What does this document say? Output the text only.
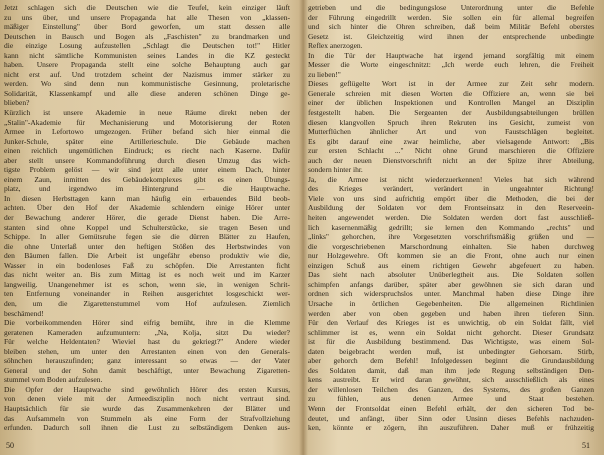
Jetzt schlagen sich die Deutschen wie die Teufel, kein einziger läuft
zu uns über, und unsere Propaganda hat alle Thesen von „klassen-
mäßiger Einstellung" über Bord geworfen, um statt dessen alle
Deutschen in Bausch und Bogen als „Faschisten" zu brandmarken und
die einzige Losung aufzustellen „Schlagt die Deutschen tot!" Hitler
kann nicht sämtliche Kommunisten seines Landes in die KZ gesteckt
haben. Unsere Propaganda stellt eine solche Behauptung auch gar
nicht erst auf. Und trotzdem scheint der Nazismus immer stärker zu
werden. Wo sind denn nun kommunistische Gesinnung, proletarische
Solidarität, Klassenkampf und alle diese anderen schönen Dinge ge-
blieben?
Kürzlich ist unsere Akademie in neue Räume direkt neben der
„Stalin"-Akademie für Mechanisierung und Motorisierung der Roten
Armee in Lefortowo umgezogen. Früher befand sich hier einmal die
Junker-Schule, später eine Artillerieschule. Die Gebäude machen
einen reichlich ungemütlichen Eindruck; es riecht nach Kaserne. Dafür
aber stellt unsere Kommandoführung durch diesen Umzug das wich-
tigste Problem gelöst — wir sind jetzt alle unter einem Dach, hinter
einem Zaun, inmitten des Gebäudekomplexes gibt es einen Übungs-
platz, und irgendwo im Hintergrund — die Hauptwache.
In diesen Herbsttagen kann man häufig ein erbauendes Bild beob-
achten. Über den Hof der Akademie schlendern einige Hörer unter
der Bewachung anderer Hörer, die gerade Dienst haben. Die Arre-
stanten sind ohne Koppel und Schulterstücke, sie tragen Besen und
Schippe. In aller Gemütsruhe fegen sie die dürren Blätter zu Haufen,
die ohne Unterlaß unter den heftigen Stößen des Herbstwindes von
den Bäumen fallen. Die Arbeit ist ungefähr ebenso produktiv wie die,
Wasser in ein bodenloses Faß zu schöpfen. Die Arrestanten ficht
das nicht weiter an. Bis zum Mittag ist es noch weit und im Karzer
langweilig. Unangenehmer ist es schon, wenn sie, in wenigen Schrit-
ten Entfernung voneinander in Reihen ausgerichtet losgeschickt wer-
den, um die Zigarettenstummel vom Hof aufzulesen. Ziemlich
beschämend!
Die vorbeikommenden Hörer sind eifrig bemüht, ihre in die Klemme
geratenen Kameraden aufzumuntern: „Na, Kolja, sitzt Du wieder?
Für welche Heldentaten? Wieviel hast du gekriegt?" Andere wieder
bleiben stehen, um unter den Arrestanten einen von den Generals-
söhnchen herauszufinden; ganz interessant so etwas — der Vater
General und der Sohn damit beschäftigt, unter Bewachung Zigaretten-
stummel vom Boden aufzulesen.
Die Opfer der Hauptwache sind gewöhnlich Hörer des ersten Kursus,
von denen viele mit der Armeedisziplin noch nicht vertraut sind.
Hauptsächlich für sie wurde das Zusammenkehren der Blätter und
das Aufsammeln von Stummeln als eine Form der Strafvollziehung
erfunden. Dadurch soll ihnen die Lust zu selbständigem Denken aus-
50
getrieben und die bedingungslose Unterordnung unter die Befehle
der Führung eingedrillt werden. Sie sollen ein für allemal begreifen
und sich hinter die Ohren schreiben, daß beim Militär Befehl oberstes
Gesetz ist. Gleichzeitig wird ihnen der entsprechende unbedingte
Reflex anerzogen.
In die Tür der Hauptwache hat irgend jemand sorgfältig mit einem
Messer die Worte eingeschnitzt: „Ich werde euch lehren, die Freiheit
zu lieben!"
Dieses geflügelte Wort ist in der Armee zur Zeit sehr modern.
Generale schreien mit diesen Worten die Offiziere an, wenn sie bei
einer der üblichen Inspektionen und Kontrollen Mangel an Disziplin
festgestellt haben. Die Sergeanten der Ausbildungsabteilungen brüllen
diesen klangvollen Spruch ihren Rekruten ins Gesicht, zumeist von
Mutterflüchen ähnlicher Art und von Faustschlägen begleitet.
Es gibt darauf eine zwar heimliche, aber vielsagende Antwort: „Bis
zur ersten Schlacht ..." Nicht ohne Grund marschieren die Offiziere
auch der neuen Dienstvorschrift nicht an der Spitze ihrer Abteilung,
sondern hinter ihr.
Ja, die Armee ist nicht wiederzuerkennen! Vieles hat sich während
des Krieges verändert, verändert in ungeahnter Richtung!
Viele von uns sind aufrichtig empört über die Methoden, die bei der
Ausbildung der Soldaten vor dem Frontseinsatz in den Reserveein-
heiten angewendet werden. Die Soldaten werden dort fast ausschließ-
lich kasernenmäßig gedrillt; sie lernen den Kommando „rechts" und
„links" gehorchen, ihre Vorgesetzten vorschriftsmäßig grüßen und —
die vorgeschriebenen Marschordnung einhalten. Sie haben durchweg
nur Holzgewehre. Oft kommen sie an die Front, ohne auch nur einen
einzigen Schuß aus einem richtigen Gewehr abgefeuert zu haben.
Das sieht nach absoluter Unüberlegtheit aus. Die Soldaten sollen
schimpfen anfangs darüber, später aber gewöhnen sie sich daran und
ordnen sich widerspruchslos unter. Manchmal haben diese Dinge ihre
Ursache in örtlichen Gegebenheiten. Die allgemeinen Richtlinien
werden aber von oben gegeben und haben ihren tieferen Sinn.
Für den Verlauf des Krieges ist es unwichtig, ob ein Soldat fällt, viel
schlimmer ist es, wenn ein Soldat nicht gehorcht. Dieser Grundsatz
ist für die Ausbildung bestimmend. Das Wichtigste, was einem Sol-
daten beigebracht werden muß, ist unbedingter Gehorsam. Stirb,
aber gehorch dem Befehl! Infolgedessen beginnt die Grundausbildung
des Soldaten damit, daß man ihm jede Regung selbständigen Den-
kens austreibt. Er wird daran gewöhnt, sich ausschließlich als eines
der willenlosen Teilchen des Ganzen, des Systems, des großen Ganzen
zu fühlen, aus denen Armee und Staat bestehen.
Wenn der Frontsoldat einen Befehl erhält, der den sicheren Tod be-
deutet, und anfängt, über Sinn oder Unsinn dieses Befehls nachzuden-
ken, könnte er zögern, ihn auszuführen. Daher muß er frühzeitig
51
